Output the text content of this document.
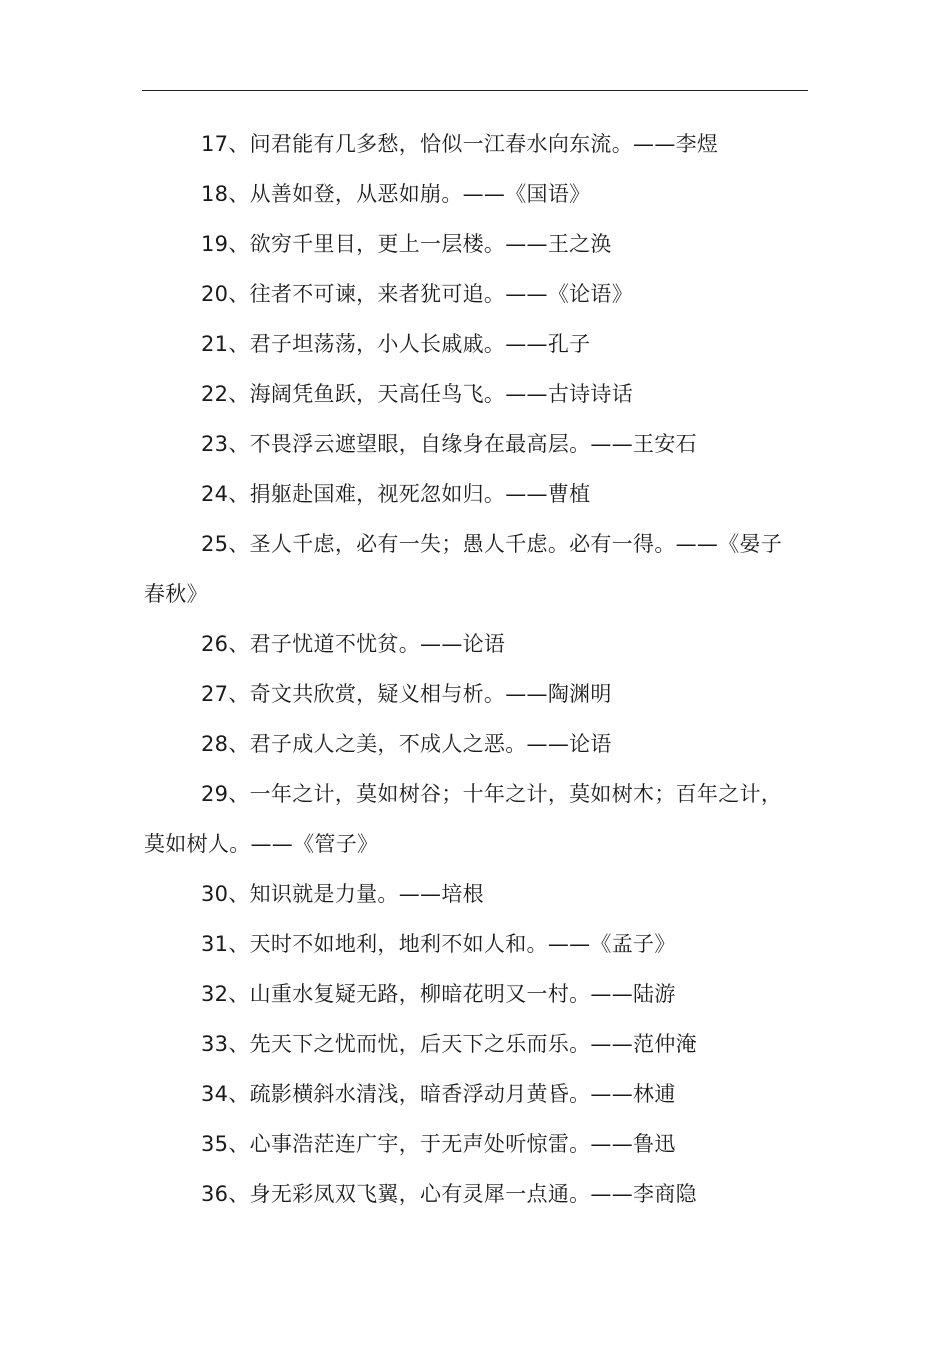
17、问君能有几多愁，恰似一江春水向东流。——李煜

18、从善如登，从恶如崩。——《国语》

19、欲穷千里目，更上一层楼。——王之涣

20、往者不可谏，来者犹可追。——《论语》

21、君子坦荡荡，小人长戚戚。——孔子

22、海阔凭鱼跃，天高任鸟飞。——古诗诗话

23、不畏浮云遮望眼，自缘身在最高层。——王安石

24、捐躯赴国难，视死忽如归。——曹植

25、圣人千虑，必有一失；愚人千虑。必有一得。——《晏子春秋》

26、君子忧道不忧贫。——论语

27、奇文共欣赏，疑义相与析。——陶渊明

28、君子成人之美，不成人之恶。——论语

29、一年之计，莫如树谷；十年之计，莫如树木；百年之计，莫如树人。——《管子》

30、知识就是力量。——培根

31、天时不如地利，地利不如人和。——《孟子》

32、山重水复疑无路，柳暗花明又一村。——陆游

33、先天下之忧而忧，后天下之乐而乐。——范仲淹

34、疏影横斜水清浅，暗香浮动月黄昏。——林逋

35、心事浩茫连广宇，于无声处听惊雷。——鲁迅

36、身无彩凤双飞翼，心有灵犀一点通。——李商隐
